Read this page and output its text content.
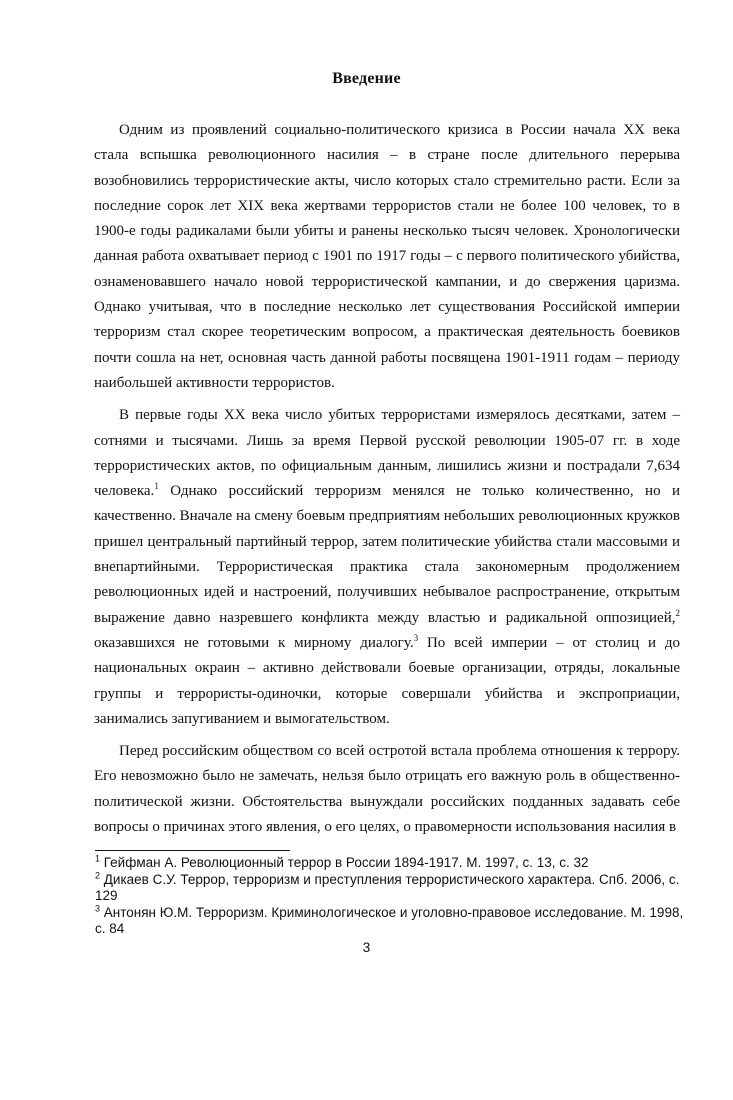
Введение

Одним из проявлений социально-политического кризиса в России начала XX века стала вспышка революционного насилия – в стране после длительного перерыва возобновились террористические акты, число которых стало стремительно расти. Если за последние сорок лет XIX века жертвами террористов стали не более 100 человек, то в 1900-е годы радикалами были убиты и ранены несколько тысяч человек. Хронологически данная работа охватывает период с 1901 по 1917 годы – с первого политического убийства, ознаменовавшего начало новой террористической кампании, и до свержения царизма. Однако учитывая, что в последние несколько лет существования Российской империи терроризм стал скорее теоретическим вопросом, а практическая деятельность боевиков почти сошла на нет, основная часть данной работы посвящена 1901-1911 годам – периоду наибольшей активности террористов.

В первые годы XX века число убитых террористами измерялось десятками, затем – сотнями и тысячами. Лишь за время Первой русской революции 1905-07 гг. в ходе террористических актов, по официальным данным, лишились жизни и пострадали 7,634 человека.$^1$ Однако российский терроризм менялся не только количественно, но и качественно. Вначале на смену боевым предприятиям небольших революционных кружков пришел центральный партийный террор, затем политические убийства стали массовыми и внепартийными. Террористическая практика стала закономерным продолжением революционных идей и настроений, получивших небывалое распространение, открытым выражение давно назревшего конфликта между властью и радикальной оппозицией,$^2$ оказавшихся не готовыми к мирному диалогу.$^3$ По всей империи – от столиц и до национальных окраин – активно действовали боевые организации, отряды, локальные группы и террористы-одиночки, которые совершали убийства и экспроприации, занимались запугиванием и вымогательством.

Перед российским обществом со всей остротой встала проблема отношения к террору. Его невозможно было не замечать, нельзя было отрицать его важную роль в общественно-политической жизни. Обстоятельства вынуждали российских подданных задавать себе вопросы о причинах этого явления, о его целях, о правомерности использования насилия в

$^1$ Гейфман А. Революционный террор в России 1894-1917. М. 1997, с. 13, с. 32

$^2$ Дикаев С.У. Террор, терроризм и преступления террористического характера. Спб. 2006, с. 129

$^3$ Антонян Ю.М. Терроризм. Криминологическое и уголовно-правовое исследование. М. 1998, с. 84

3
